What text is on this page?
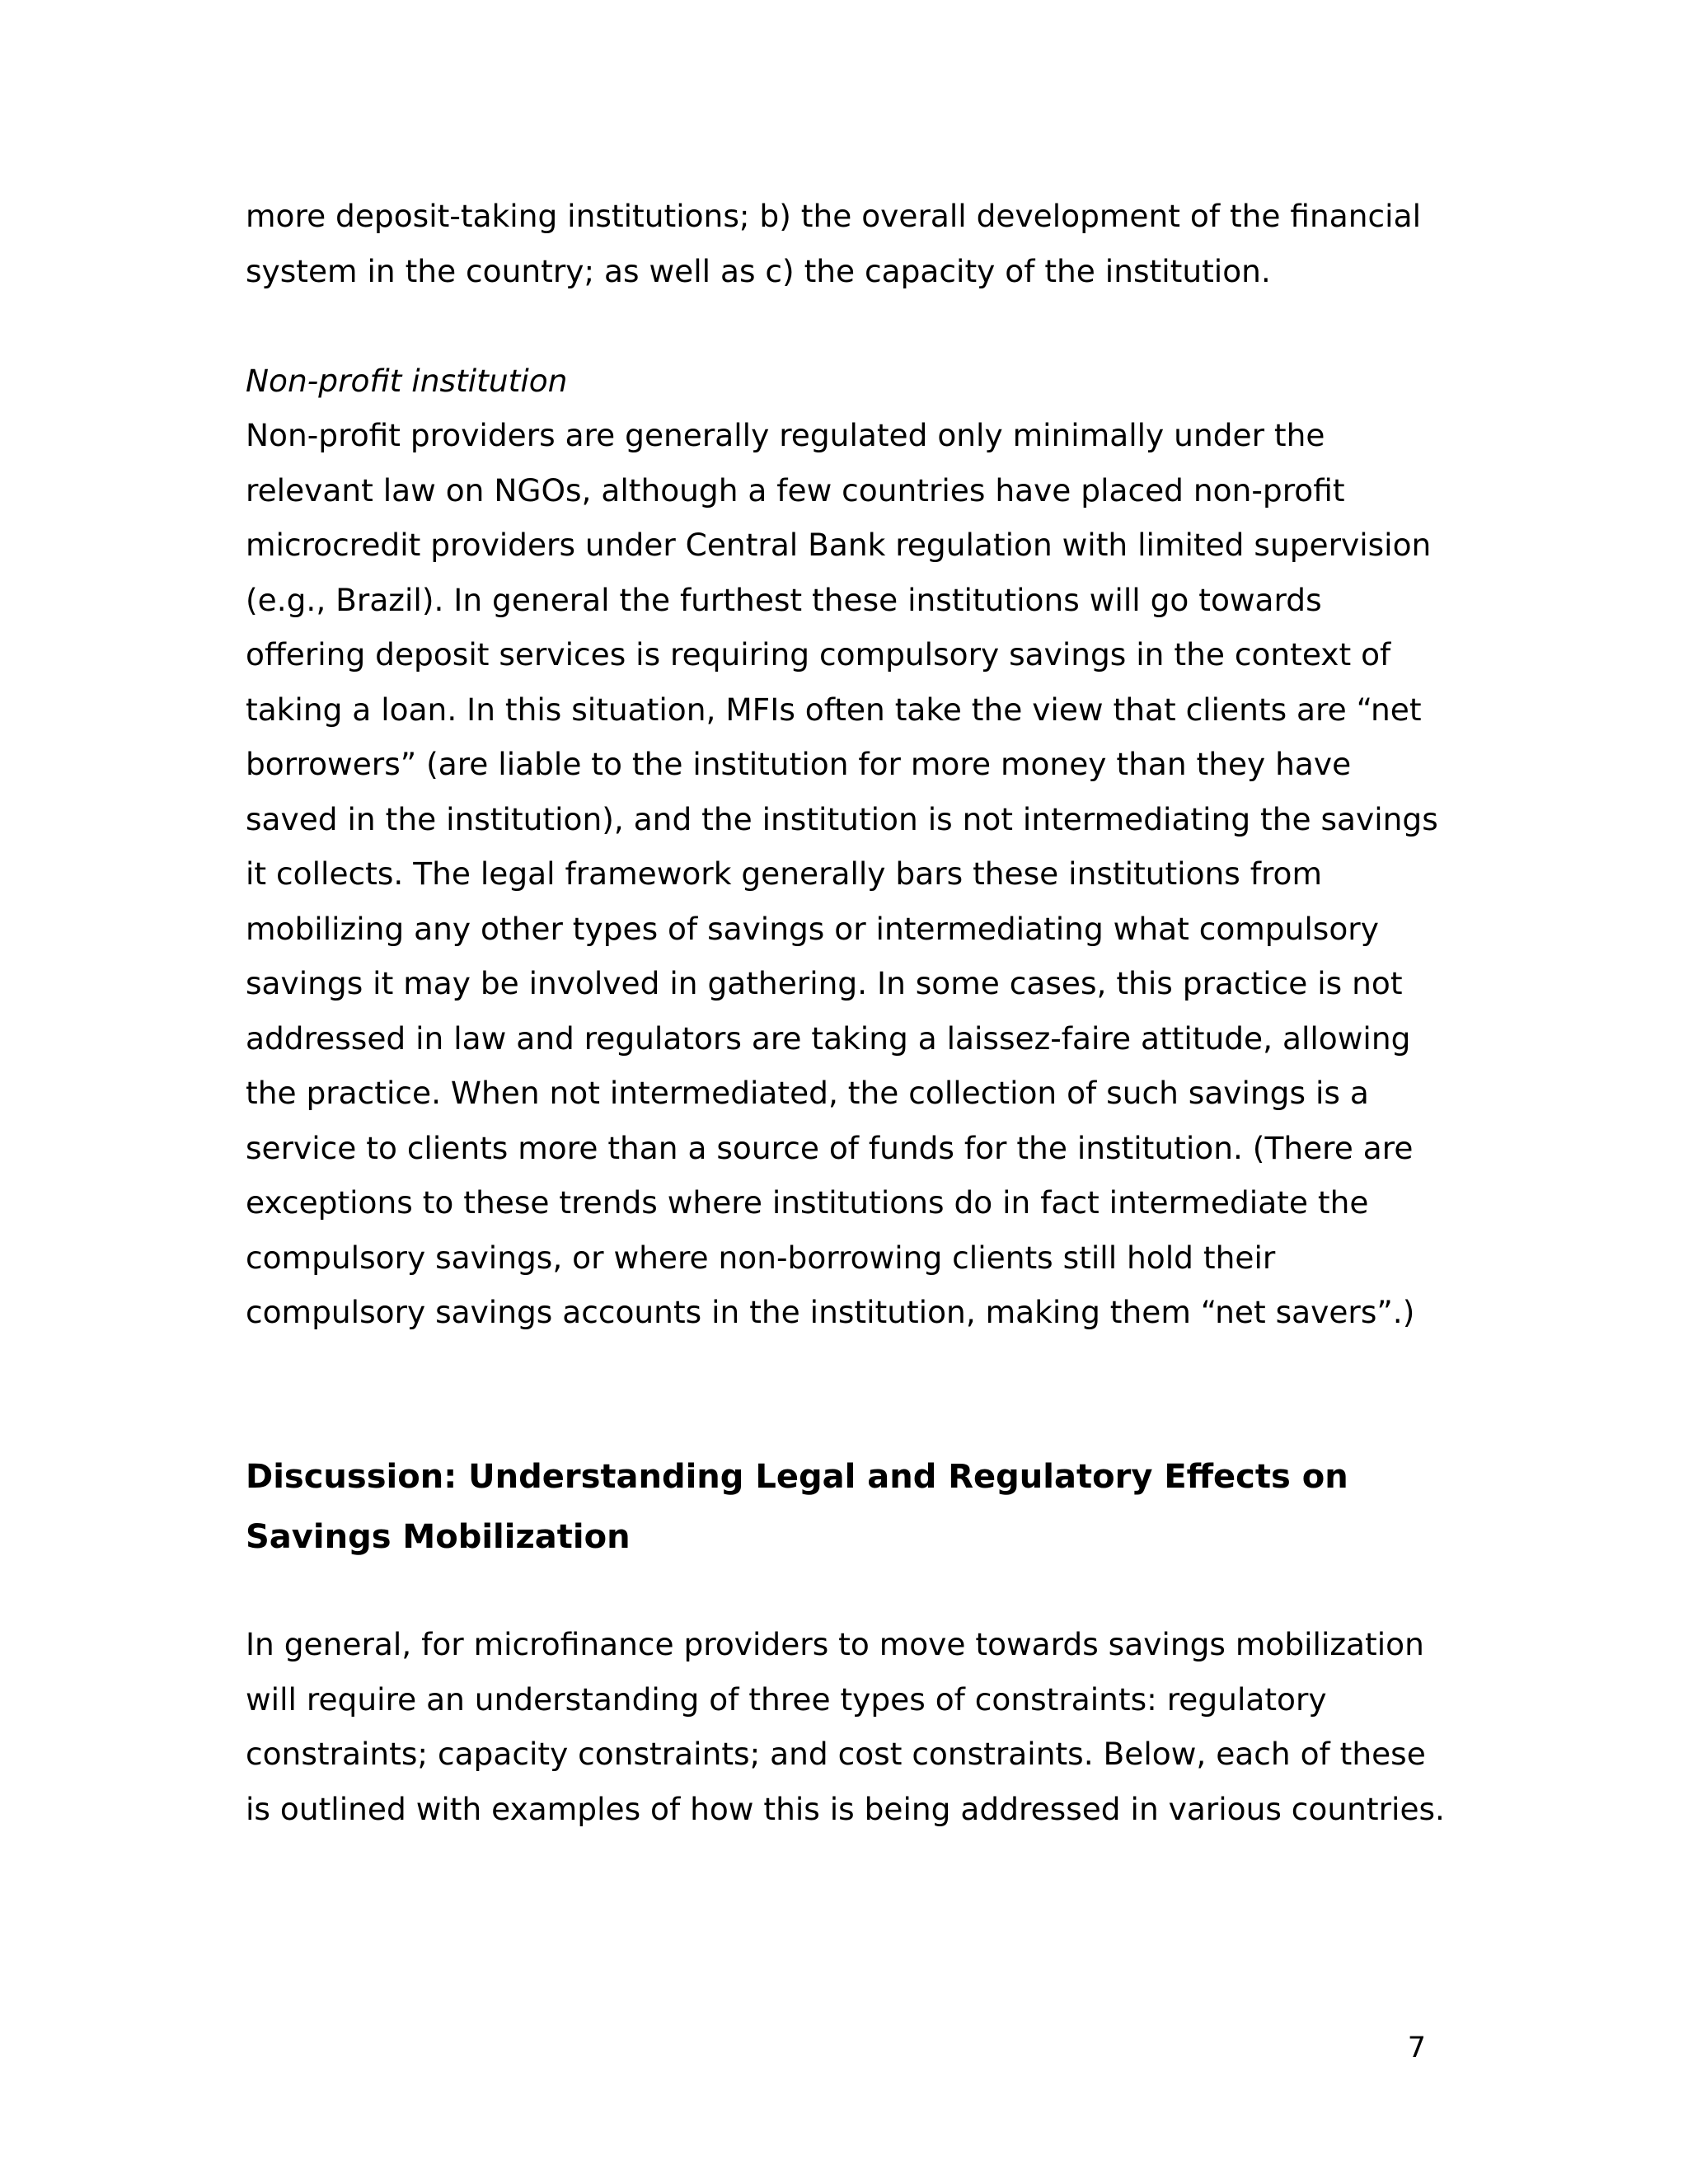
more deposit-taking institutions; b) the overall development of the financial
system in the country; as well as c) the capacity of the institution.
Non-profit institution
Non-profit providers are generally regulated only minimally under the
relevant law on NGOs, although a few countries have placed non-profit
microcredit providers under Central Bank regulation with limited supervision
(e.g., Brazil). In general the furthest these institutions will go towards
offering deposit services is requiring compulsory savings in the context of
taking a loan. In this situation, MFIs often take the view that clients are “net
borrowers” (are liable to the institution for more money than they have
saved in the institution), and the institution is not intermediating the savings
it collects. The legal framework generally bars these institutions from
mobilizing any other types of savings or intermediating what compulsory
savings it may be involved in gathering. In some cases, this practice is not
addressed in law and regulators are taking a laissez-faire attitude, allowing
the practice. When not intermediated, the collection of such savings is a
service to clients more than a source of funds for the institution. (There are
exceptions to these trends where institutions do in fact intermediate the
compulsory savings, or where non-borrowing clients still hold their
compulsory savings accounts in the institution, making them “net savers”.)
Discussion: Understanding Legal and Regulatory Effects on
Savings Mobilization
In general, for microfinance providers to move towards savings mobilization
will require an understanding of three types of constraints: regulatory
constraints; capacity constraints; and cost constraints. Below, each of these
is outlined with examples of how this is being addressed in various countries.
7
